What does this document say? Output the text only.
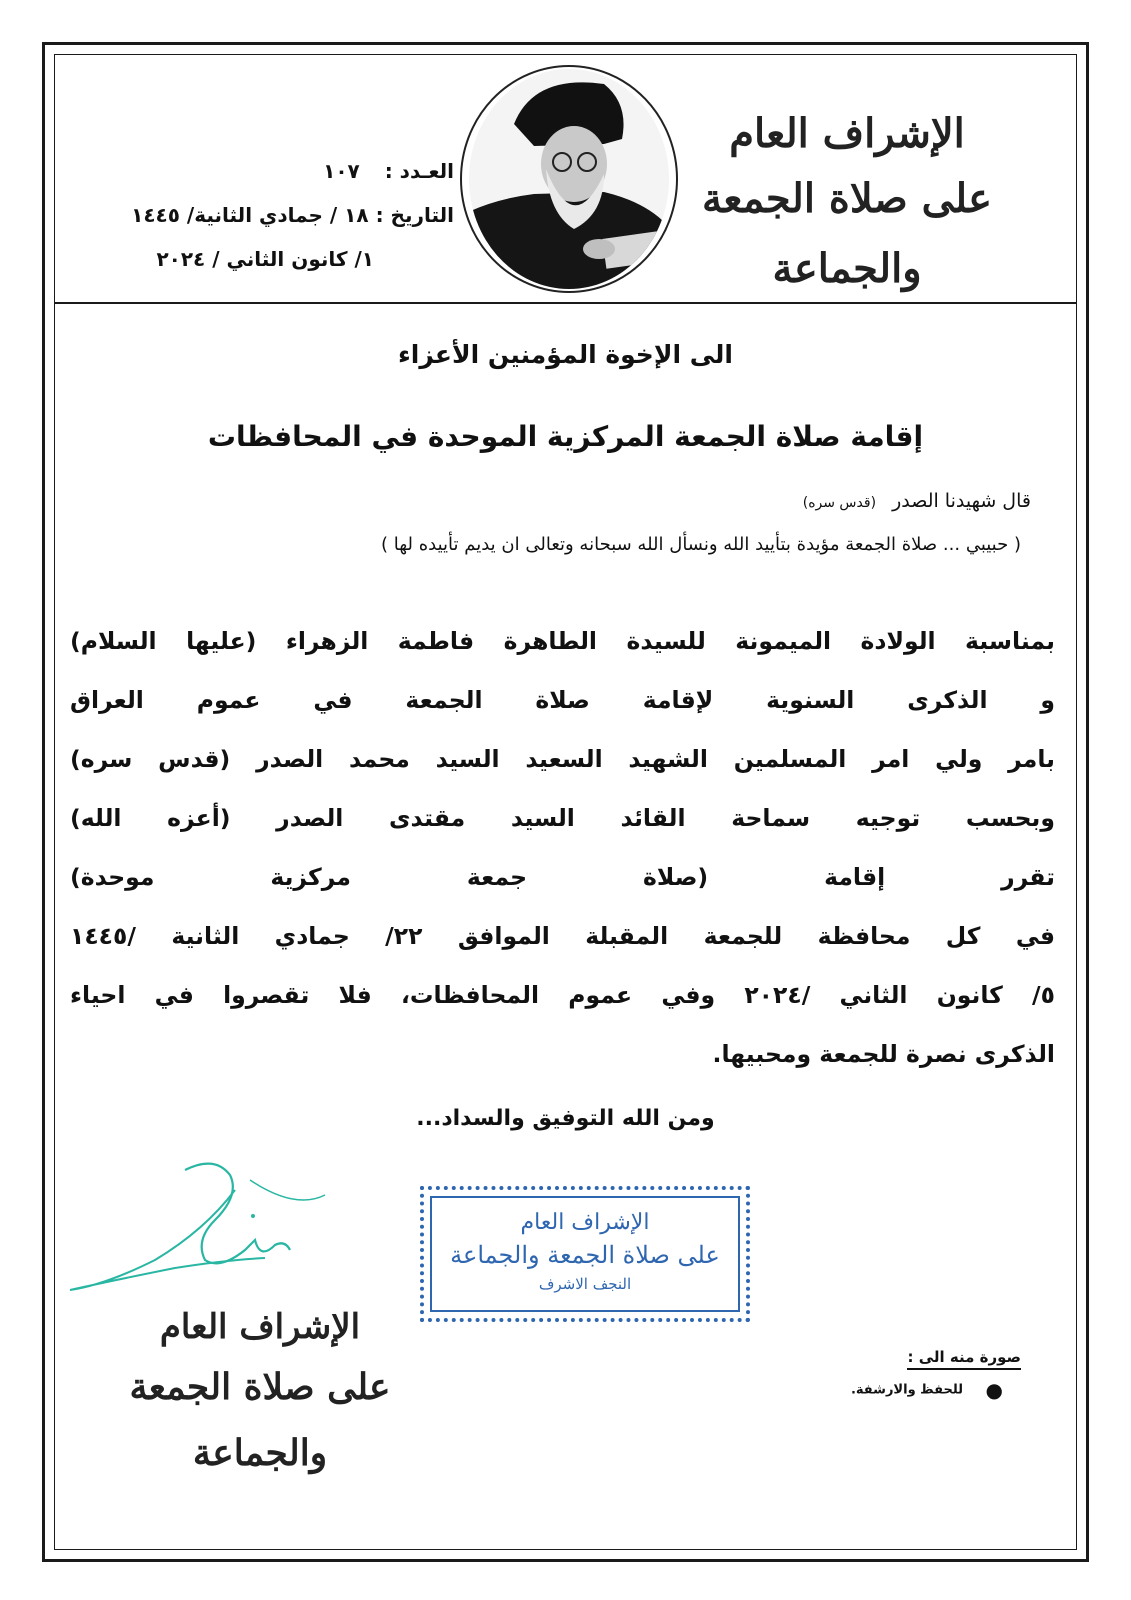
الإشراف العام
على صلاة الجمعة والجماعة
العـدد : ١٠٧
التاريخ : ١٨ / جمادي الثانية/ ١٤٤٥
١/ كانون الثاني / ٢٠٢٤
الى الإخوة المؤمنين الأعزاء
إقامة صلاة الجمعة المركزية الموحدة في المحافظات
قال شهيدنا الصدر (قدس سره)
( حبيبي ... صلاة الجمعة مؤيدة بتأييد الله ونسأل الله سبحانه وتعالى ان يديم تأييده لها )
بمناسبة الولادة الميمونة للسيدة الطاهرة فاطمة الزهراء (عليها السلام)
و الذكرى السنوية لإقامة صلاة الجمعة في عموم العراق
بامر ولي امر المسلمين الشهيد السعيد السيد محمد الصدر (قدس سره)
وبحسب توجيه سماحة القائد السيد مقتدى الصدر (أعزه الله)
تقرر إقامة (صلاة جمعة مركزية موحدة)
في كل محافظة للجمعة المقبلة الموافق ٢٢/ جمادي الثانية /١٤٤٥
٥/ كانون الثاني /٢٠٢٤ وفي عموم المحافظات، فلا تقصروا في احياء
الذكرى نصرة للجمعة ومحبيها.
ومن الله التوفيق والسداد...
الإشراف العام
على صلاة الجمعة والجماعة
النجف الاشرف
الإشراف العام
على صلاة الجمعة والجماعة
صورة منه الى :
● للحفظ والارشفة.
